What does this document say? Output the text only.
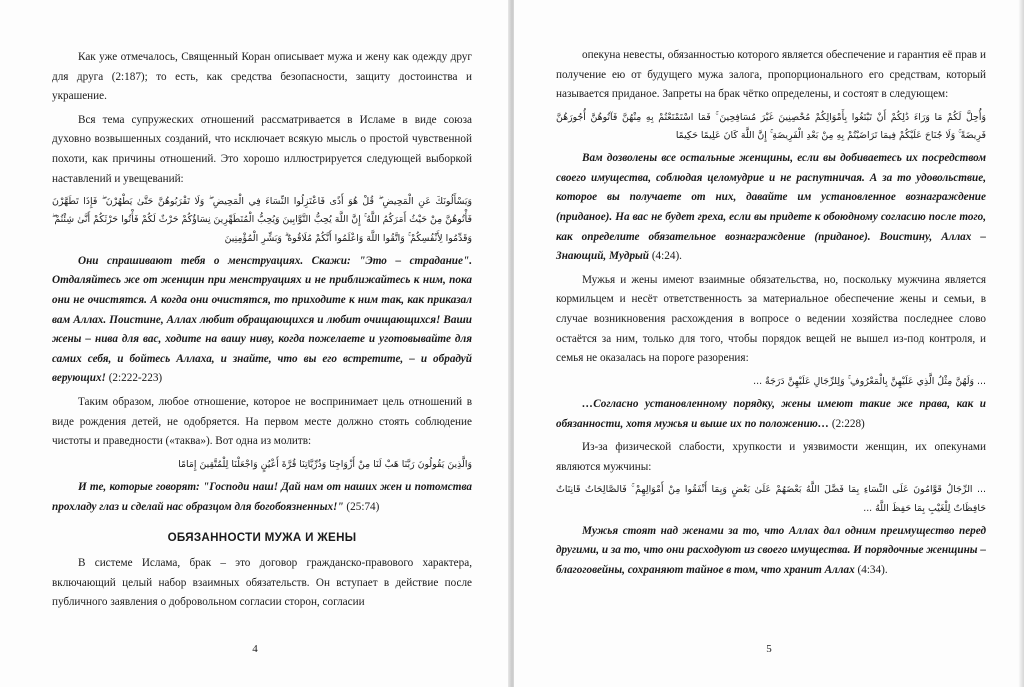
Как уже отмечалось, Священный Коран описывает мужа и жену как одежду друг для друга (2:187); то есть, как средства безопасности, защиту достоинства и украшение.

Вся тема супружеских отношений рассматривается в Исламе в виде союза духовно возвышенных созданий, что исключает всякую мысль о простой чувственной похоти, как причины отношений. Это хорошо иллюстрируется следующей выборкой наставлений и увещеваний:

وَيَسْأَلُونَكَ عَنِ الْمَحِيضِ ۖ قُلْ هُوَ أَذًى فَاعْتَزِلُوا النِّسَاءَ فِي الْمَحِيضِ ۖ وَلَا تَقْرَبُوهُنَّ حَتَّىٰ يَطْهُرْنَ ۖ فَإِذَا تَطَهَّرْنَ فَأْتُوهُنَّ مِنْ حَيْثُ أَمَرَكُمُ اللَّهُ ۚ إِنَّ اللَّهَ يُحِبُّ التَّوَّابِينَ وَيُحِبُّ الْمُتَطَهِّرِينَ نِسَاؤُكُمْ حَرْثٌ لَكُمْ فَأْتُوا حَرْثَكُمْ أَنَّىٰ شِئْتُمْ ۖ وَقَدِّمُوا لِأَنْفُسِكُمْ ۚ وَاتَّقُوا اللَّهَ وَاعْلَمُوا أَنَّكُمْ مُلَاقُوهُ ۗ وَبَشِّرِ الْمُؤْمِنِينَ

Они спрашивают тебя о менструациях. Скажи: "Это – страдание". Отдаляйтесь же от женщин при менструациях и не приближайтесь к ним, пока они не очистятся. А когда они очистятся, то приходите к ним так, как приказал вам Аллах. Поистине, Аллах любит обращающихся и любит очищающихся! Ваши жены – нива для вас, ходите на вашу ниву, когда пожелаете и уготовывайте для самих себя, и бойтесь Аллаха, и знайте, что вы его встретите, – и обрадуй верующих! (2:222-223)

Таким образом, любое отношение, которое не воспринимает цель отношений в виде рождения детей, не одобряется. На первом месте должно стоять соблюдение чистоты и праведности («таква»). Вот одна из молитв:

وَالَّذِينَ يَقُولُونَ رَبَّنَا هَبْ لَنَا مِنْ أَزْوَاجِنَا وَذُرِّيَّاتِنَا قُرَّةَ أَعْيُنٍ وَاجْعَلْنَا لِلْمُتَّقِينَ إِمَامًا

И те, которые говорят: "Господи наш! Дай нам от наших жен и потомства прохладу глаз и сделай нас образцом для богобоязненных!" (25:74)

ОБЯЗАННОСТИ МУЖА И ЖЕНЫ

В системе Ислама, брак – это договор гражданско-правового характера, включающий целый набор взаимных обязательств. Он вступает в действие после публичного заявления о добровольном согласии сторон, согласии

4

опекуна невесты, обязанностью которого является обеспечение и гарантия её прав и получение ею от будущего мужа залога, пропорционального его средствам, который называется приданое. Запреты на брак чётко определены, и состоят в следующем:

وَأُحِلَّ لَكُمْ مَا وَرَاءَ ذَٰلِكُمْ أَنْ تَبْتَغُوا بِأَمْوَالِكُمْ مُحْصِنِينَ غَيْرَ مُسَافِحِينَ ۚ فَمَا اسْتَمْتَعْتُمْ بِهِ مِنْهُنَّ فَآتُوهُنَّ أُجُورَهُنَّ فَرِيضَةً ۚ وَلَا جُنَاحَ عَلَيْكُمْ فِيمَا تَرَاضَيْتُمْ بِهِ مِنْ بَعْدِ الْفَرِيضَةِ ۚ إِنَّ اللَّهَ كَانَ عَلِيمًا حَكِيمًا

Вам дозволены все остальные женщины, если вы добиваетесь их посредством своего имущества, соблюдая целомудрие и не распутничая. А за то удовольствие, которое вы получаете от них, давайте им установленное вознаграждение (приданое). На вас не будет греха, если вы придете к обоюдному согласию после того, как определите обязательное вознаграждение (приданое). Воистину, Аллах – Знающий, Мудрый (4:24).

Мужья и жены имеют взаимные обязательства, но, поскольку мужчина является кормильцем и несёт ответственность за материальное обеспечение жены и семьи, в случае возникновения расхождения в вопросе о ведении хозяйства последнее слово остаётся за ним, только для того, чтобы порядок вещей не вышел из-под контроля, и семья не оказалась на пороге разорения:

... وَلَهُنَّ مِثْلُ الَّذِي عَلَيْهِنَّ بِالْمَعْرُوفِ ۚ وَلِلرِّجَالِ عَلَيْهِنَّ دَرَجَةٌ ...

…Согласно установленному порядку, жены имеют такие же права, как и обязанности, хотя мужья и выше их по положению… (2:228)

Из-за физической слабости, хрупкости и уязвимости женщин, их опекунами являются мужчины:

... الرِّجَالُ قَوَّامُونَ عَلَى النِّسَاءِ بِمَا فَضَّلَ اللَّهُ بَعْضَهُمْ عَلَىٰ بَعْضٍ وَبِمَا أَنْفَقُوا مِنْ أَمْوَالِهِمْ ۚ فَالصَّالِحَاتُ قَانِتَاتٌ حَافِظَاتٌ لِلْغَيْبِ بِمَا حَفِظَ اللَّهُ ...

Мужья стоят над женами за то, что Аллах дал одним преимущество перед другими, и за то, что они расходуют из своего имущества. И порядочные женщины – благоговейны, сохраняют тайное в том, что хранит Аллах (4:34).

5
